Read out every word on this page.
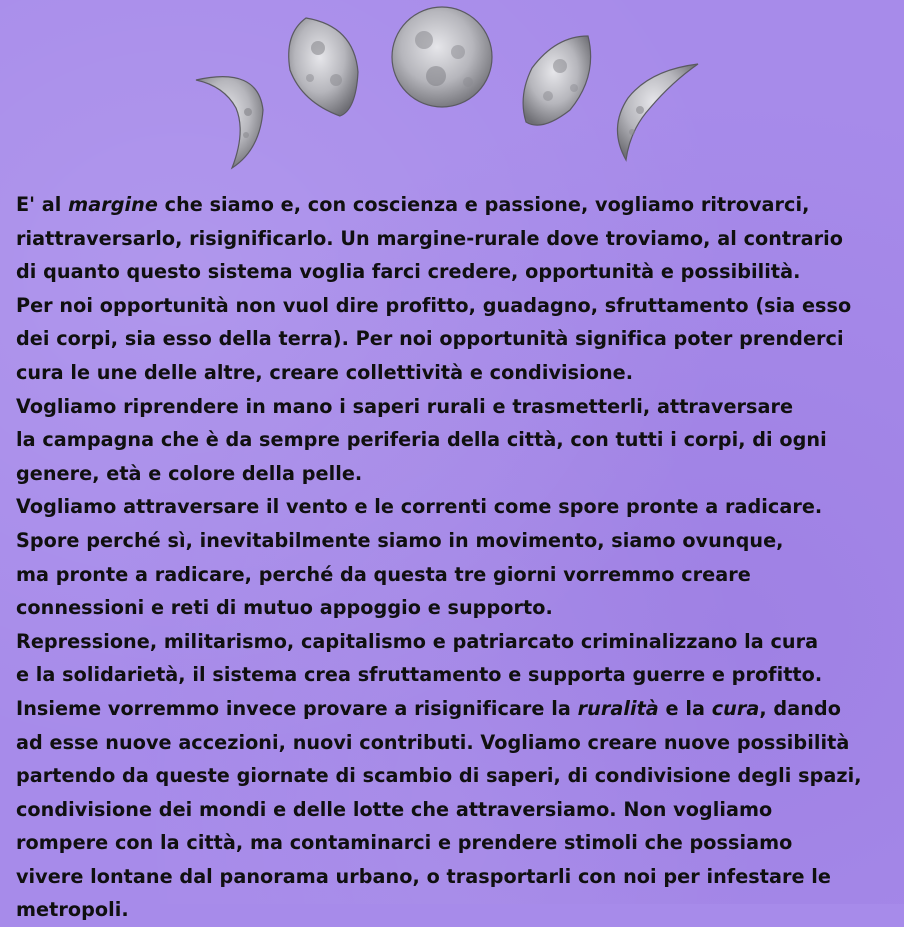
E' al margine che siamo e, con coscienza e passione, vogliamo ritrovarci,

riattraversarlo, risignificarlo. Un margine-rurale dove troviamo, al contrario

di quanto questo sistema voglia farci credere, opportunità e possibilità.

Per noi opportunità non vuol dire profitto, guadagno, sfruttamento (sia esso

dei corpi, sia esso della terra). Per noi opportunità significa poter prenderci

cura le une delle altre, creare collettività e condivisione.

Vogliamo riprendere in mano i saperi rurali e trasmetterli, attraversare

la campagna che è da sempre periferia della città, con tutti i corpi, di ogni

genere, età e colore della pelle.

Vogliamo attraversare il vento e le correnti come spore pronte a radicare.

Spore perché sì, inevitabilmente siamo in movimento, siamo ovunque,

ma pronte a radicare, perché da questa tre giorni vorremmo creare

connessioni e reti di mutuo appoggio e supporto.

Repressione, militarismo, capitalismo e patriarcato criminalizzano la cura

e la solidarietà, il sistema crea sfruttamento e supporta guerre e profitto.

Insieme vorremmo invece provare a risignificare la ruralità e la cura, dando

ad esse nuove accezioni, nuovi contributi. Vogliamo creare nuove possibilità

partendo da queste giornate di scambio di saperi, di condivisione degli spazi,

condivisione dei mondi e delle lotte che attraversiamo. Non vogliamo

rompere con la città, ma contaminarci e prendere stimoli che possiamo

vivere lontane dal panorama urbano, o trasportarli con noi per infestare le

metropoli.
